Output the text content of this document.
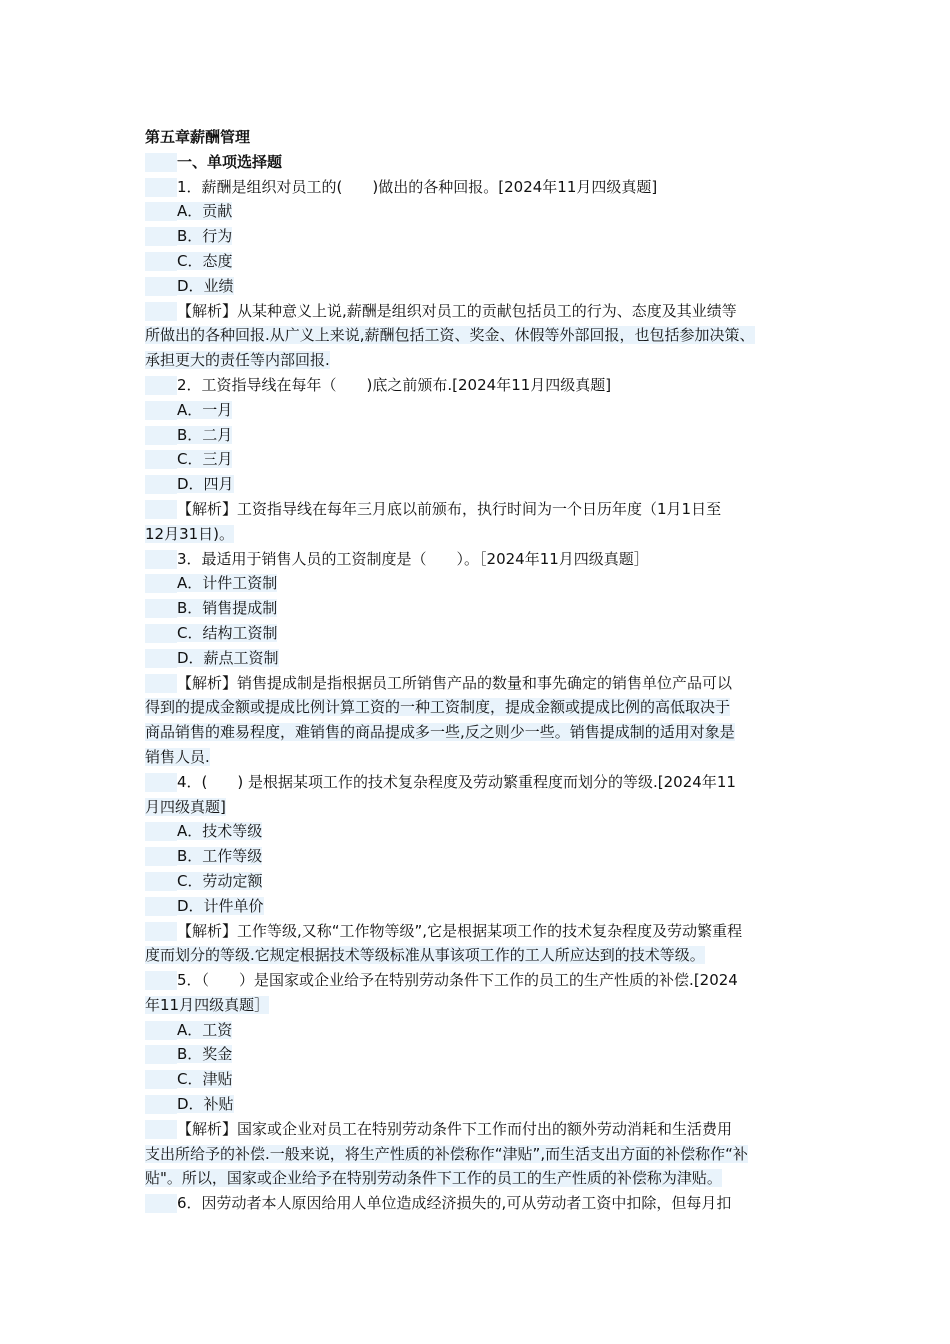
第五章薪酬管理
一、单项选择题
1．薪酬是组织对员工的(　　)做出的各种回报。[2024年11月四级真题]
A．贡献
B．行为
C．态度
D．业绩
【解析】从某种意义上说,薪酬是组织对员工的贡献包括员工的行为、态度及其业绩等
所做出的各种回报.从广义上来说,薪酬包括工资、奖金、休假等外部回报，也包括参加决策、
承担更大的责任等内部回报.
2．工资指导线在每年（　　)底之前颁布.[2024年11月四级真题]
A．一月
B．二月
C．三月
D．四月
【解析】工资指导线在每年三月底以前颁布，执行时间为一个日历年度（1月1日至
12月31日)。
3．最适用于销售人员的工资制度是（　　）。［2024年11月四级真题］
A．计件工资制
B．销售提成制
C．结构工资制
D．薪点工资制
【解析】销售提成制是指根据员工所销售产品的数量和事先确定的销售单位产品可以
得到的提成金额或提成比例计算工资的一种工资制度，提成金额或提成比例的高低取决于
商品销售的难易程度，难销售的商品提成多一些,反之则少一些。销售提成制的适用对象是
销售人员.
4．(　　) 是根据某项工作的技术复杂程度及劳动繁重程度而划分的等级.[2024年11
月四级真题]
A．技术等级
B．工作等级
C．劳动定额
D．计件单价
【解析】工作等级,又称“工作物等级”,它是根据某项工作的技术复杂程度及劳动繁重程
度而划分的等级.它规定根据技术等级标准从事该项工作的工人所应达到的技术等级。
5．（　　）是国家或企业给予在特别劳动条件下工作的员工的生产性质的补偿.[2024
年11月四级真题］
A．工资
B．奖金
C．津贴
D．补贴
【解析】国家或企业对员工在特别劳动条件下工作而付出的额外劳动消耗和生活费用
支出所给予的补偿.一般来说，将生产性质的补偿称作“津贴”,而生活支出方面的补偿称作“补
贴"。所以，国家或企业给予在特别劳动条件下工作的员工的生产性质的补偿称为津贴。
6．因劳动者本人原因给用人单位造成经济损失的,可从劳动者工资中扣除，但每月扣
